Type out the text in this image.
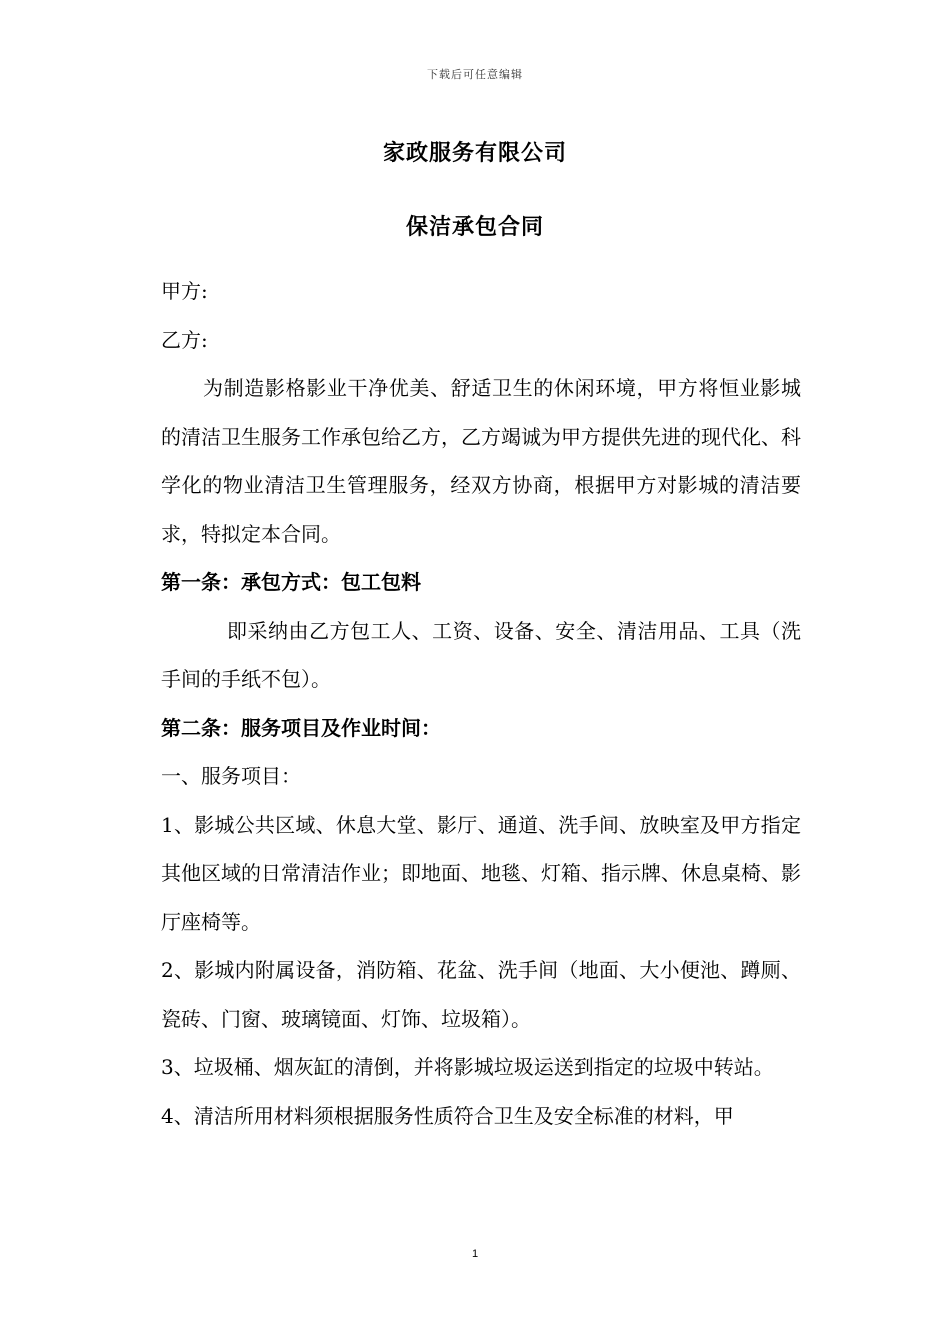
下载后可任意编辑
家政服务有限公司
保洁承包合同

甲方:

乙方:

为制造影格影业干净优美、舒适卫生的休闲环境，甲方将恒业影城的清洁卫生服务工作承包给乙方，乙方竭诚为甲方提供先进的现代化、科学化的物业清洁卫生管理服务，经双方协商，根据甲方对影城的清洁要求，特拟定本合同。

第一条：承包方式：包工包料

即采纳由乙方包工人、工资、设备、安全、清洁用品、工具（洗手间的手纸不包）。

第二条：服务项目及作业时间：

一、服务项目：

1、影城公共区域、休息大堂、影厅、通道、洗手间、放映室及甲方指定其他区域的日常清洁作业；即地面、地毯、灯箱、指示牌、休息桌椅、影厅座椅等。

2、影城内附属设备，消防箱、花盆、洗手间（地面、大小便池、蹲厕、瓷砖、门窗、玻璃镜面、灯饰、垃圾箱）。

3、垃圾桶、烟灰缸的清倒，并将影城垃圾运送到指定的垃圾中转站。

4、清洁所用材料须根据服务性质符合卫生及安全标准的材料，甲

1
